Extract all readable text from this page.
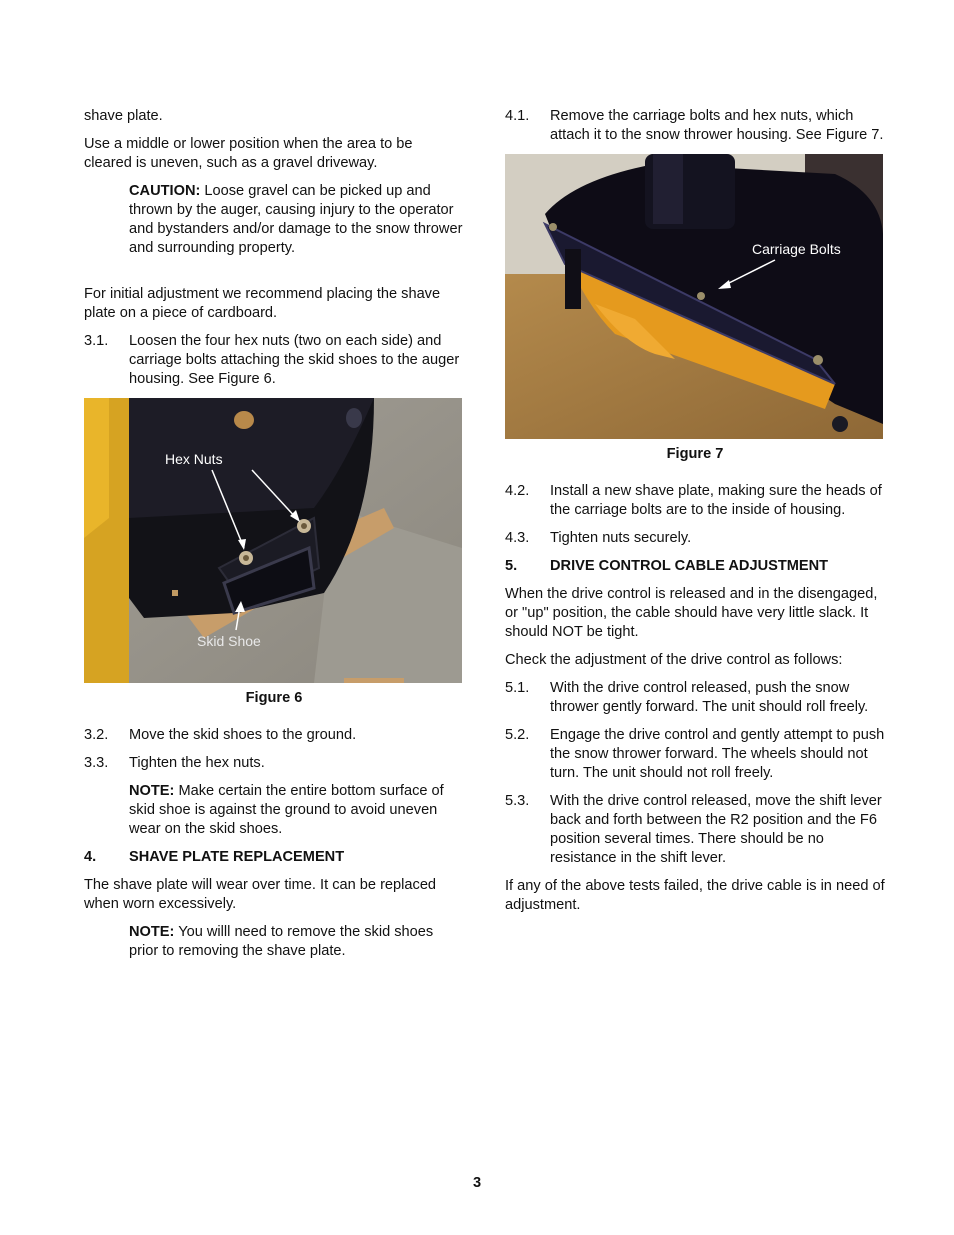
shave plate.

Use a middle or lower position when the area to be cleared is uneven, such as a gravel driveway.

CAUTION: Loose gravel can be picked up and thrown by the auger, causing injury to the operator and bystanders and/or damage to the snow thrower and surrounding property.

For initial adjustment we recommend placing the shave plate on a piece of cardboard.

3.1.	Loosen the four hex nuts (two on each side) and carriage bolts attaching the skid shoes to the auger housing. See Figure 6.
Hex Nuts
Skid Shoe
Figure 6
3.2.	Move the skid shoes to the ground.
3.3.	Tighten the hex nuts.

NOTE: Make certain the entire bottom surface of skid shoe is against the ground to avoid uneven wear on the skid shoes.

4.	SHAVE PLATE REPLACEMENT

The shave plate will wear over time. It can be replaced when worn excessively.

NOTE: You willl need to remove the skid shoes prior to removing the shave plate.

4.1.	Remove the carriage bolts and hex nuts, which attach it to the snow thrower housing. See Figure 7.
Carriage Bolts
Figure 7
4.2.	Install a new shave plate, making sure the heads of the carriage bolts are to the inside of housing.
4.3.	Tighten nuts securely.
5.	DRIVE CONTROL CABLE ADJUSTMENT

When the drive control is released and in the disengaged, or "up" position, the cable should have very little slack. It should NOT be tight.

Check the adjustment of the drive control as follows:

5.1.	With the drive control released, push the snow thrower gently forward. The unit should roll freely.
5.2.	Engage the drive control and gently attempt to push the snow thrower forward. The wheels should not turn. The unit should not roll freely.
5.3.	With the drive control released, move the shift lever back and forth between the R2 position and the F6 position several times. There should be no resistance in the shift lever.

If any of the above tests failed, the drive cable is in need of adjustment.

3
